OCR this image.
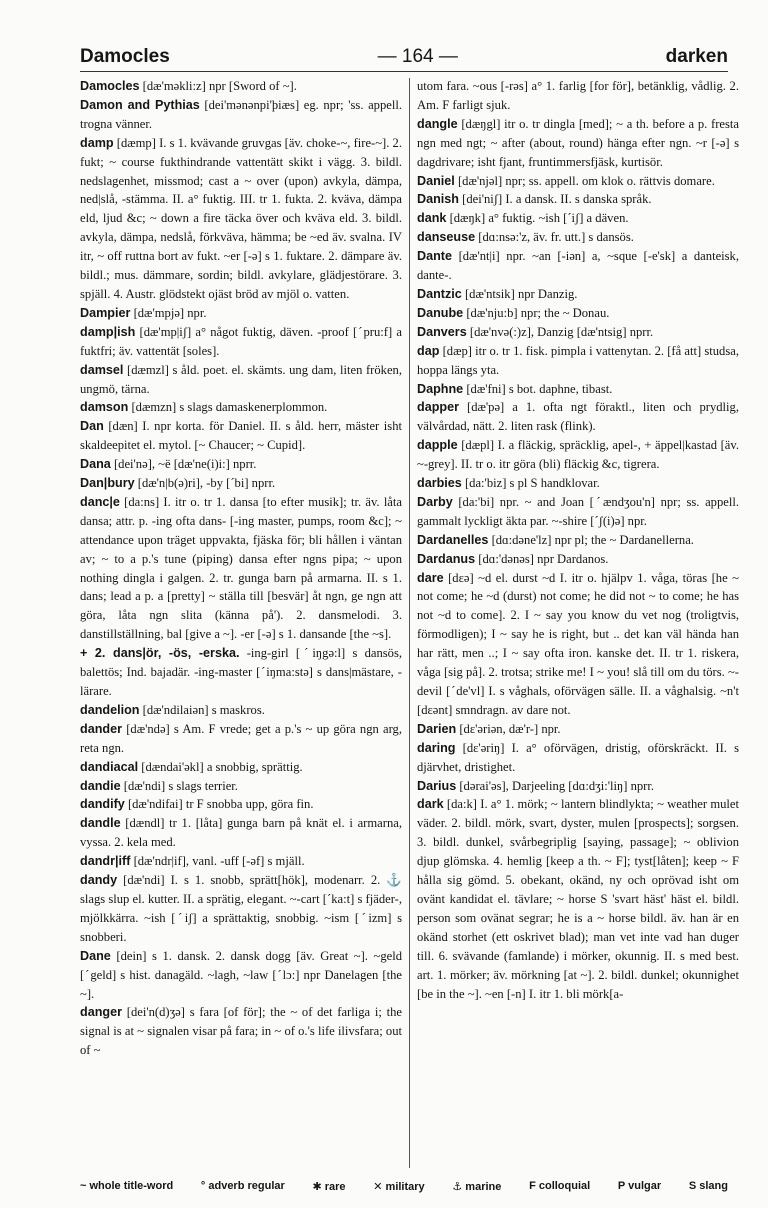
Damocles	— 164 —	darken

Damocles [dæ'məkli:z] npr [Sword of ~].

Damon and Pythias [dei'mənənpi'þiæs] eg. npr; 'ss. appell. trogna vänner.

damp [dæmp] I. s 1. kvävande gruvgas [äv. choke-~, fire-~]. 2. fukt; ~ course fukthindrande vattentätt skikt i vägg. 3. bildl. nedslagenhet, missmod; cast a ~ over (upon) avkyla, dämpa, ned|slå, -stämma. II. a° fuktig. III. tr 1. fukta. 2. kväva, dämpa eld, ljud &c; ~ down a fire täcka över och kväva eld. 3. bildl. avkyla, dämpa, nedslå, förkväva, hämma; be ~ed äv. svalna. IV itr, ~ off ruttna bort av fukt. ~er [-ə] s 1. fuktare. 2. dämpare äv. bildl.; mus. dämmare, sordin; bildl. avkylare, glädjestörare. 3. spjäll. 4. Austr. glödstekt ojäst bröd av mjöl o. vatten.

Dampier [dæ'mpjə] npr.

damp|ish [dæ'mp|iʃ] a° något fuktig, däven. -proof [ˊpru:f] a fuktfri; äv. vattentät [soles].

damsel [dæmzl] s åld. poet. el. skämts. ung dam, liten fröken, ungmö, tärna.

damson [dæmzn] s slags damaskenerplommon.

Dan [dæn] I. npr korta. för Daniel. II. s åld. herr, mäster isht skaldeepitet el. mytol. [~ Chaucer; ~ Cupid].

Dana [dei'nə], ~ë [dæ'ne(i)i:] nprr.

Dan|bury [dæ'n|b(ə)ri], -by [ˊbi] nprr.

danc|e [da:ns] I. itr o. tr 1. dansa [to efter musik]; tr. äv. låta dansa; attr. p. -ing ofta dans- [-ing master, pumps, room &c]; ~ attendance upon träget uppvakta, fjäska för; bli hållen i väntan av; ~ to a p.'s tune (piping) dansa efter ngns pipa; ~ upon nothing dingla i galgen. 2. tr. gunga barn på armarna. II. s 1. dans; lead a p. a [pretty] ~ ställa till [besvär] åt ngn, ge ngn att göra, låta ngn slita (känna på'). 2. dansmelodi. 3. danstillställning, bal [give a ~]. -er [-ə] s 1. dansande [the ~s].

+ 2. dans|ör, -ös, -erska. -ing-girl [ˊiŋgə:l] s dansös, balettös; Ind. bajadär. -ing-master [ˊiŋma:stə] s dans|mästare, -lärare.

dandelion [dæ'ndilaiən] s maskros.

dander [dæ'ndə] s Am. F vrede; get a p.'s ~ up göra ngn arg, reta ngn.

dandiacal [dændai'əkl] a snobbig, sprättig.

dandie [dæ'ndi] s slags terrier.

dandify [dæ'ndifai] tr F snobba upp, göra fin.

dandle [dændl] tr 1. [låta] gunga barn på knät el. i armarna, vyssa. 2. kela med.

dandr|iff [dæ'ndr|if], vanl. -uff [-əf] s mjäll.

dandy [dæ'ndi] I. s 1. snobb, sprätt[hök], modenarr. 2. ⚓ slags slup el. kutter. II. a sprätig, elegant. ~-cart [ˊka:t] s fjäder-, mjölkkärra. ~ish [ˊiʃ] a sprättaktig, snobbig. ~ism [ˊizm] s snobberi.

Dane [dein] s 1. dansk. 2. dansk dogg [äv. Great ~]. ~geld [ˊgeld] s hist. danagäld. ~lagh, ~law [ˊlɔ:] npr Danelagen [the ~].

danger [dei'n(d)ʒə] s fara [of för]; the ~ of det farliga i; the signal is at ~ signalen visar på fara; in ~ of o.'s life ilivsfara; out of ~

utom fara. ~ous [-rəs] a° 1. farlig [for för], betänklig, vådlig. 2. Am. F farligt sjuk.

dangle [dæŋgl] itr o. tr dingla [med]; ~ a th. before a p. fresta ngn med ngt; ~ after (about, round) hänga efter ngn. ~r [-ə] s dagdrivare; isht fjant, fruntimmersfjäsk, kurtisör.

Daniel [dæ'njəl] npr; ss. appell. om klok o. rättvis domare.

Danish [dei'niʃ] I. a dansk. II. s danska språk.

dank [dæŋk] a° fuktig. ~ish [ˊiʃ] a däven.

danseuse [dɑ:nsə:'z, äv. fr. utt.] s dansös.

Dante [dæ'nt|i] npr. ~an [-iən] a, ~sque [-e'sk] a danteisk, dante-.

Dantzic [dæ'ntsik] npr Danzig.

Danube [dæ'nju:b] npr; the ~ Donau.

Danvers [dæ'nvə(:)z], Danzig [dæ'ntsig] nprr.

dap [dæp] itr o. tr 1. fisk. pimpla i vattenytan. 2. [få att] studsa, hoppa längs yta.

Daphne [dæ'fni] s bot. daphne, tibast.

dapper [dæ'pə] a 1. ofta ngt föraktl., liten och prydlig, välvårdad, nätt. 2. liten rask (flink).

dapple [dæpl] I. a fläckig, spräcklig, apel-, + äppel|kastad [äv. ~-grey]. II. tr o. itr göra (bli) fläckig &c, tigrera.

darbies [da:'biz] s pl S handklovar.

Darby [da:'bi] npr. ~ and Joan [ˊændʒou'n] npr; ss. appell. gammalt lyckligt äkta par. ~-shire [ˊʃ(i)ə] npr.

Dardanelles [dɑ:dəne'lz] npr pl; the ~ Dardanellerna.

Dardanus [dɑ:'dənəs] npr Dardanos.

dare [dɛə] ~d el. durst ~d I. itr o. hjälpv 1. våga, töras [he ~ not come; he ~d (durst) not come; he did not ~ to come; he has not ~d to come]. 2. I ~ say you know du vet nog (troligtvis, förmodligen); I ~ say he is right, but .. det kan väl hända han har rätt, men ..; I ~ say ofta iron. kanske det. II. tr 1. riskera, våga [sig på]. 2. trotsa; strike me! I ~ you! slå till om du törs. ~-devil [ˊde'vl] I. s våghals, oförvägen sälle. II. a våghalsig. ~n't [dɛənt] smndragn. av dare not.

Darien [dɛ'əriən, dæ'r-] npr.

daring [dɛ'əriŋ] I. a° oförvägen, dristig, oförskräckt. II. s djärvhet, dristighet.

Darius [dərai'əs], Darjeeling [dɑ:dʒi:'liŋ] nprr.

dark [da:k] I. a° 1. mörk; ~ lantern blindlykta; ~ weather mulet väder. 2. bildl. mörk, svart, dyster, mulen [prospects]; sorgsen. 3. bildl. dunkel, svårbegriplig [saying, passage]; ~ oblivion djup glömska. 4. hemlig [keep a th. ~ F]; tyst[låten]; keep ~ F hålla sig gömd. 5. obekant, okänd, ny och oprövad isht om ovänt kandidat el. tävlare; ~ horse S 'svart häst' häst el. bildl. person som ovänat segrar; he is a ~ horse bildl. äv. han är en okänd storhet (ett oskrivet blad); man vet inte vad han duger till. 6. svävande (famlande) i mörker, okunnig. II. s med best. art. 1. mörker; äv. mörkning [at ~]. 2. bildl. dunkel; okunnighet [be in the ~]. ~en [-n] I. itr 1. bli mörk[a-

~ whole title-word	° adverb regular	✱ rare	✕ military	⚓ marine	F colloquial	P vulgar	S slang
